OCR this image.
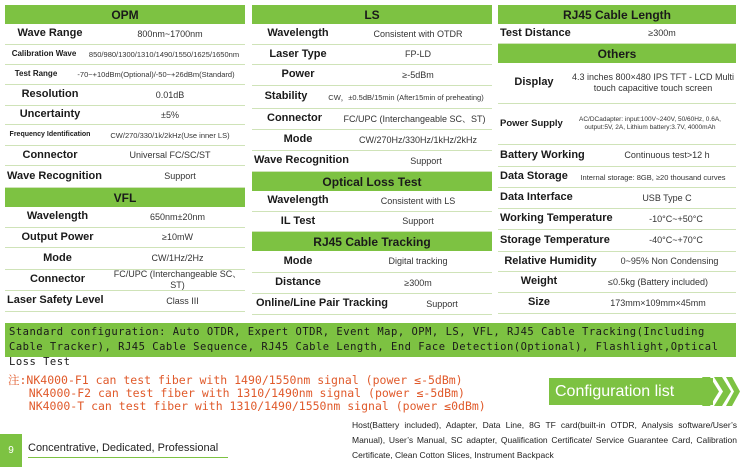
OPM
Wave Range	800nm~1700nm
Calibration Wave	850/980/1300/1310/1490/1550/1625/1650nm
Test Range	-70~+10dBm(Optional)/-50~+26dBm(Standard)
Resolution	0.01dB
Uncertainty	±5%
Frequency Identification	CW/270/330/1k/2kHz(Use inner LS)
Connector	Universal FC/SC/ST
Wave Recognition	Support
VFL
Wavelength	650nm±20nm
Output Power	≥10mW
Mode	CW/1Hz/2Hz
Connector	FC/UPC (Interchangeable SC、ST)
Laser Safety Level	Class III
LS
Wavelength	Consistent with OTDR
Laser Type	FP-LD
Power	≥-5dBm
Stability	CW，±0.5dB/15min (After15min of preheating)
Connector	FC/UPC (Interchangeable SC、ST)
Mode	CW/270Hz/330Hz/1kHz/2kHz
Wave Recognition	Support
Optical Loss Test
Wavelength	Consistent with LS
IL Test	Support
RJ45 Cable Tracking
Mode	Digital tracking
Distance	≥300m
Online/Line Pair Tracking	Support
RJ45 Cable Length
Test Distance	≥300m
Others
Display	4.3 inches 800×480 IPS TFT - LCD Multi touch capacitive touch screen
Power Supply	AC/DCadapter: input:100V~240V, 50/60Hz, 0.6A, output:5V, 2A, Lithium battery:3.7V, 4000mAh
Battery Working	Continuous test>12 h
Data Storage	Internal storage: 8GB, ≥20 thousand curves
Data Interface	USB Type C
Working Temperature	-10°C~+50°C
Storage Temperature	-40°C~+70°C
Relative Humidity	0~95% Non Condensing
Weight	≤0.5kg (Battery included)
Size	173mm×109mm×45mm
Standard configuration: Auto OTDR, Expert OTDR, Event Map, OPM, LS, VFL, RJ45 Cable Tracking(Including Cable Tracker), RJ45 Cable Sequence, RJ45 Cable Length, End Face Detection(Optional), Flashlight,Optical Loss Test
注:NK4000-F1 can test fiber with 1490/1550nm signal (power ≤-5dBm)
NK4000-F2 can test fiber with 1310/1490nm signal (power ≤-5dBm)
NK4000-T can test fiber with 1310/1490/1550nm signal (power ≤0dBm)
Configuration list
Host(Battery included), Adapter, Data Line, 8G TF card(built-in OTDR, Analysis software/User’s Manual), User’s Manual, SC adapter, Qualification Certificate/ Service Guarantee Card, Calibration Certificate, Clean Cotton Slices, Instrument Backpack
9	Concentrative, Dedicated, Professional
